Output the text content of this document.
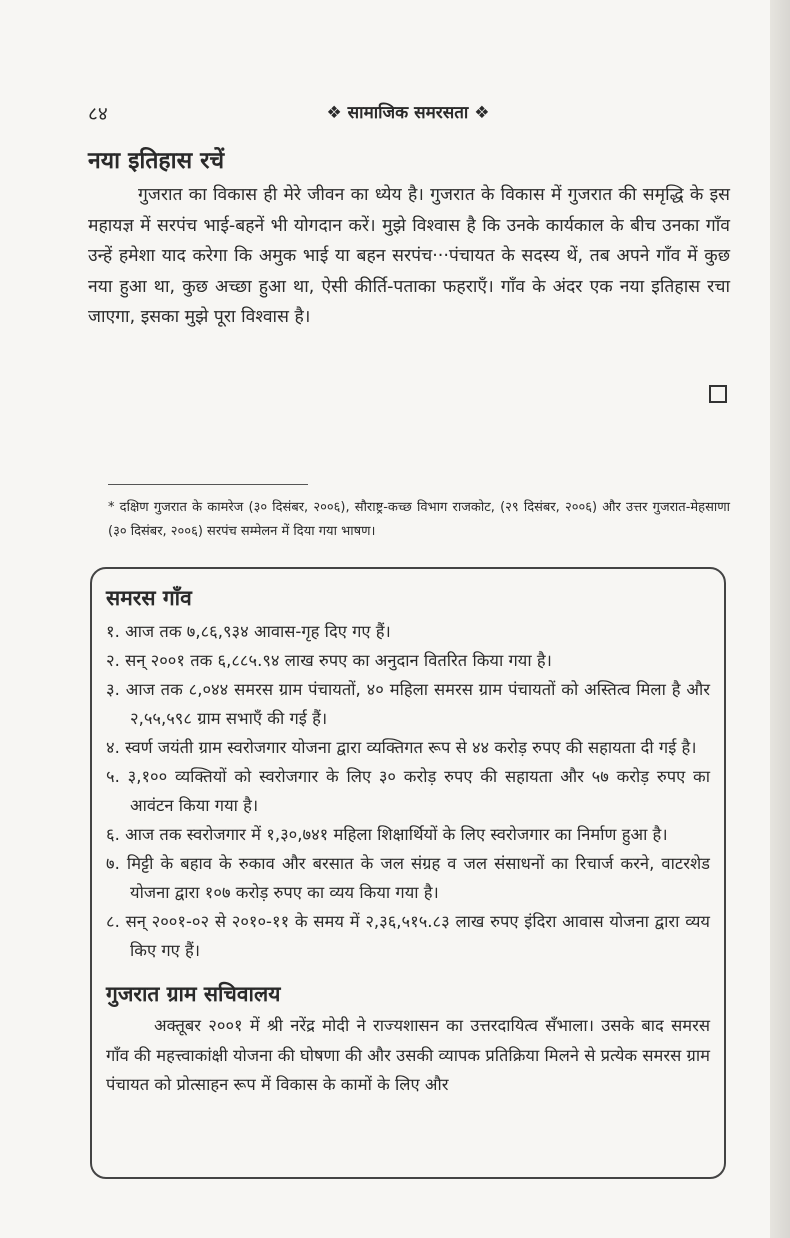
८४	❖ सामाजिक समरसता ❖
नया इतिहास रचें

गुजरात का विकास ही मेरे जीवन का ध्येय है। गुजरात के विकास में गुजरात की समृद्धि के इस महायज्ञ में सरपंच भाई-बहनें भी योगदान करें। मुझे विश्वास है कि उनके कार्यकाल के बीच उनका गाँव उन्हें हमेशा याद करेगा कि अमुक भाई या बहन सरपंच···पंचायत के सदस्य थें, तब अपने गाँव में कुछ नया हुआ था, कुछ अच्छा हुआ था, ऐसी कीर्ति-पताका फहराएँ। गाँव के अंदर एक नया इतिहास रचा जाएगा, इसका मुझे पूरा विश्वास है।

* दक्षिण गुजरात के कामरेज (३० दिसंबर, २००६), सौराष्ट्र-कच्छ विभाग राजकोट, (२९ दिसंबर, २००६) और उत्तर गुजरात-मेहसाणा (३० दिसंबर, २००६) सरपंच सम्मेलन में दिया गया भाषण।

समरस गाँव
१. आज तक ७,८६,९३४ आवास-गृह दिए गए हैं।
२. सन् २००१ तक ६,८८५.९४ लाख रुपए का अनुदान वितरित किया गया है।
३. आज तक ८,०४४ समरस ग्राम पंचायतों, ४० महिला समरस ग्राम पंचायतों को अस्तित्व मिला है और २,५५,५९८ ग्राम सभाएँ की गई हैं।
४. स्वर्ण जयंती ग्राम स्वरोजगार योजना द्वारा व्यक्तिगत रूप से ४४ करोड़ रुपए की सहायता दी गई है।
५. ३,१०० व्यक्तियों को स्वरोजगार के लिए ३० करोड़ रुपए की सहायता और ५७ करोड़ रुपए का आवंटन किया गया है।
६. आज तक स्वरोजगार में १,३०,७४१ महिला शिक्षार्थियों के लिए स्वरोजगार का निर्माण हुआ है।
७. मिट्टी के बहाव के रुकाव और बरसात के जल संग्रह व जल संसाधनों का रिचार्ज करने, वाटरशेड योजना द्वारा १०७ करोड़ रुपए का व्यय किया गया है।
८. सन् २००१-०२ से २०१०-११ के समय में २,३६,५१५.८३ लाख रुपए इंदिरा आवास योजना द्वारा व्यय किए गए हैं।
गुजरात ग्राम सचिवालय

अक्तूबर २००१ में श्री नरेंद्र मोदी ने राज्यशासन का उत्तरदायित्व सँभाला। उसके बाद समरस गाँव की महत्त्वाकांक्षी योजना की घोषणा की और उसकी व्यापक प्रतिक्रिया मिलने से प्रत्येक समरस ग्राम पंचायत को प्रोत्साहन रूप में विकास के कामों के लिए और
